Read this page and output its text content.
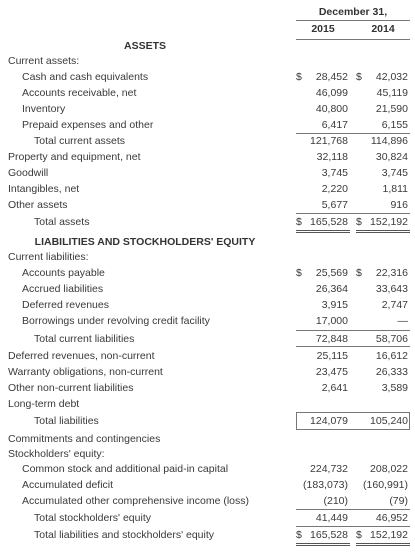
December 31,
2015	2014
ASSETS
LIABILITIES AND STOCKHOLDERS' EQUITY
Current assets:
Cash and cash equivalents	$ 28,452 $ 42,032
Accounts receivable, net	46,099	45,119
Inventory	40,800	21,590
Prepaid expenses and other	6,417	6,155
Total current assets	121,768 114,896
Property and equipment, net	32,118	30,824
Goodwill	3,745	3,745
Intangibles, net	2,220	1,811
Other assets	5,677	916
Total assets	$ 165,528 $ 152,192
Current liabilities:
Accounts payable	$ 25,569 $ 22,316
Accrued liabilities	26,364	33,643
Deferred revenues	3,915	2,747
Borrowings under revolving credit facility	17,000	—
Total current liabilities	72,848	58,706
Deferred revenues, non-current	25,115	16,612
Warranty obligations, non-current	23,475	26,333
Other non-current liabilities	2,641	3,589
Long-term debt
Total liabilities	124,079 105,240
Commitments and contingencies
Stockholders' equity:
Common stock and additional paid-in capital	224,732 208,022
Accumulated deficit	(183,073) (160,991)
Accumulated other comprehensive income (loss)	(210)	(79)
Total stockholders' equity	41,449	46,952
Total liabilities and stockholders' equity	$ 165,528 $ 152,192
